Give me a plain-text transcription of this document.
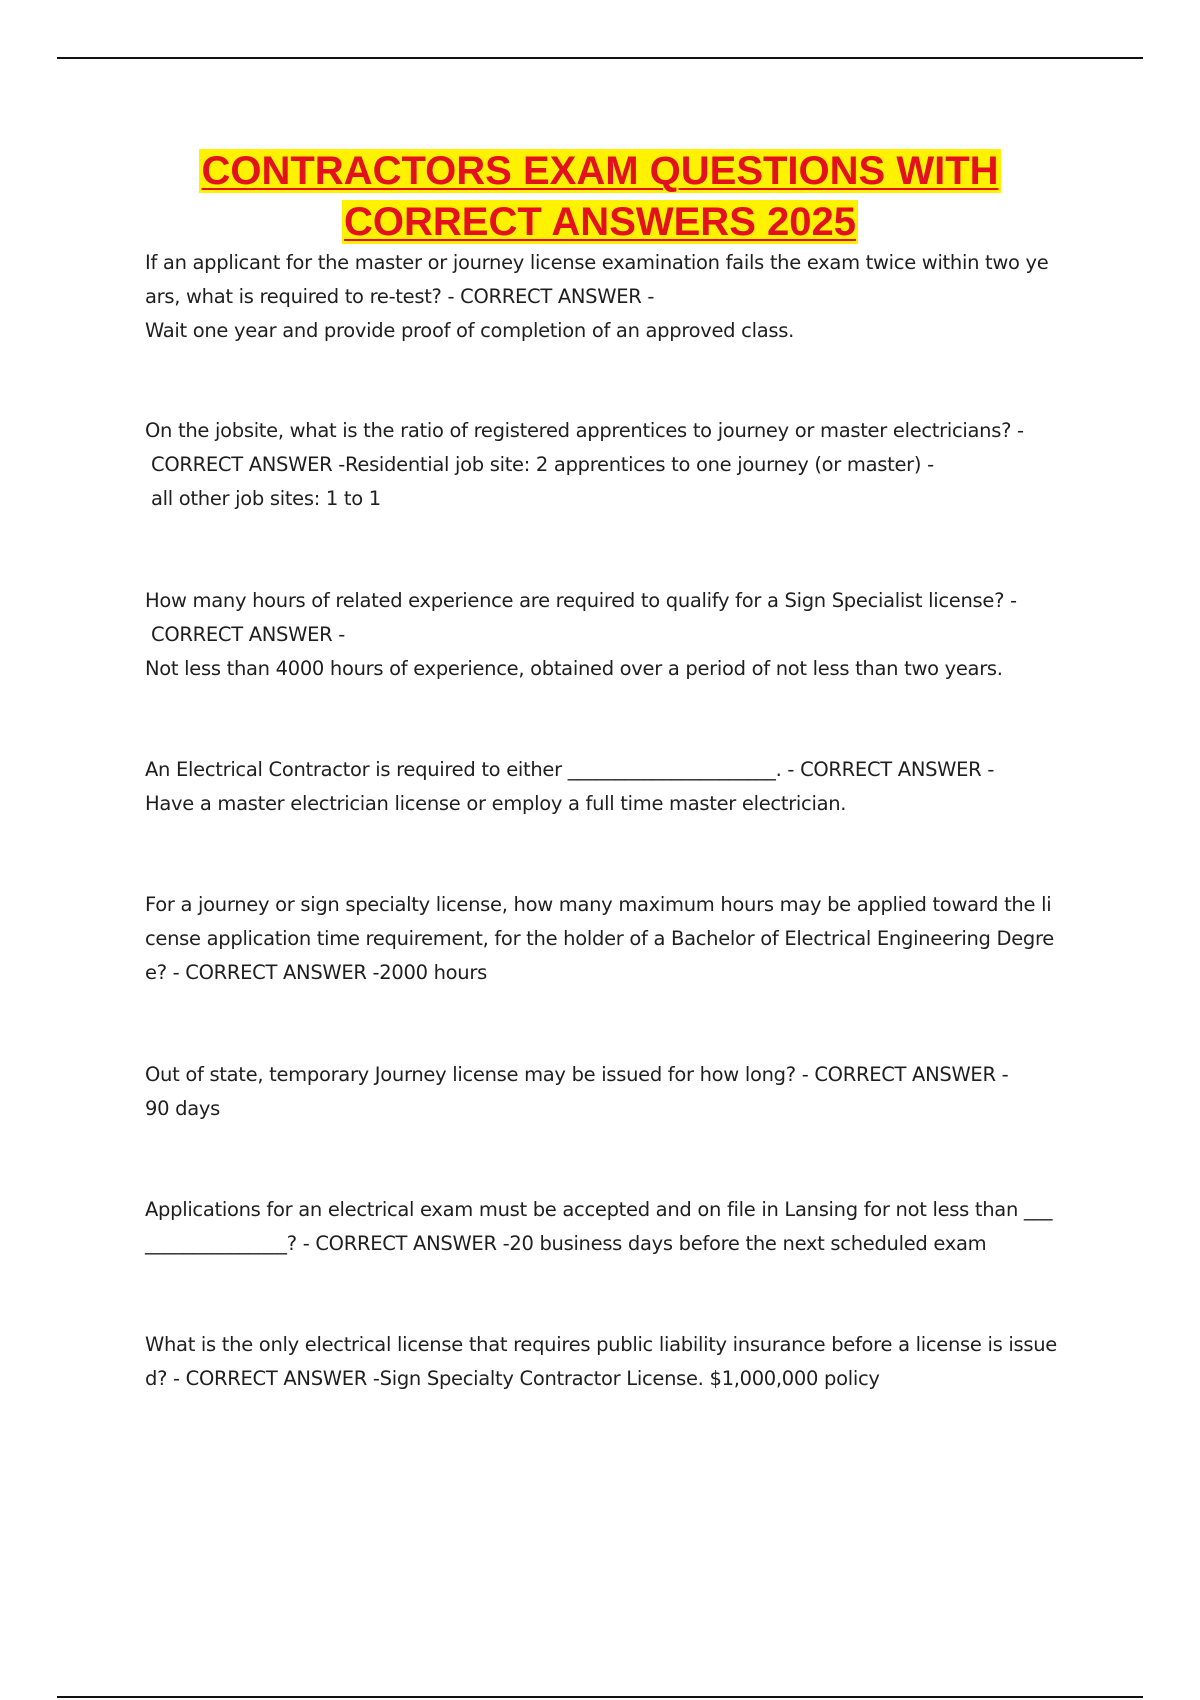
CONTRACTORS EXAM QUESTIONS WITH
CORRECT ANSWERS 2025

If an applicant for the master or journey license examination fails the exam twice within two ye
ars, what is required to re-test? - CORRECT ANSWER -
Wait one year and provide proof of completion of an approved class.

On the jobsite, what is the ratio of registered apprentices to journey or master electricians? -
CORRECT ANSWER -Residential job site: 2 apprentices to one journey (or master) -
all other job sites: 1 to 1

How many hours of related experience are required to qualify for a Sign Specialist license? -
CORRECT ANSWER -
Not less than 4000 hours of experience, obtained over a period of not less than two years.

An Electrical Contractor is required to either ______________________. - CORRECT ANSWER -
Have a master electrician license or employ a full time master electrician.

For a journey or sign specialty license, how many maximum hours may be applied toward the li
cense application time requirement, for the holder of a Bachelor of Electrical Engineering Degre
e? - CORRECT ANSWER -2000 hours

Out of state, temporary Journey license may be issued for how long? - CORRECT ANSWER -
90 days

Applications for an electrical exam must be accepted and on file in Lansing for not less than ___
_______________? - CORRECT ANSWER -20 business days before the next scheduled exam

What is the only electrical license that requires public liability insurance before a license is issue
d? - CORRECT ANSWER -Sign Specialty Contractor License. $1,000,000 policy
